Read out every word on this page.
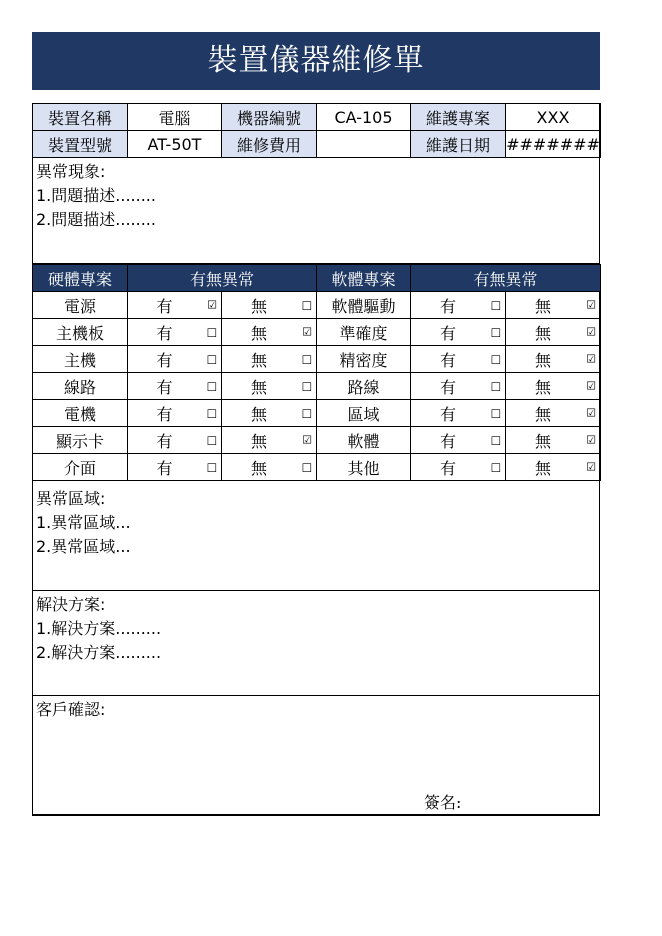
裝置儀器維修單
裝置名稱	電腦	機器編號	CA-105	維護專案	XXX
裝置型號	AT-50T	維修費用		維護日期	#######
異常現象:
1.問題描述........
2.問題描述........
硬體專案	有無異常		軟體專案	有無異常	
電源	有 ☑	無 □	軟體驅動	有 □	無 ☑

主機板	有 □	無 ☑	準確度	有 □	無 ☑

主機	有 □	無 □	精密度	有 □	無 ☑

線路	有 □	無 □	路線	有 □	無 ☑

電機	有 □	無 □	區域	有 □	無 ☑

顯示卡	有 □	無 ☑	軟體	有 □	無 ☑

介面	有 □	無 □	其他	有 □	無 ☑
異常區域:
1.異常區域...
2.異常區域...
解決方案:
1.解決方案.........
2.解決方案.........
客戶確認:
簽名:
